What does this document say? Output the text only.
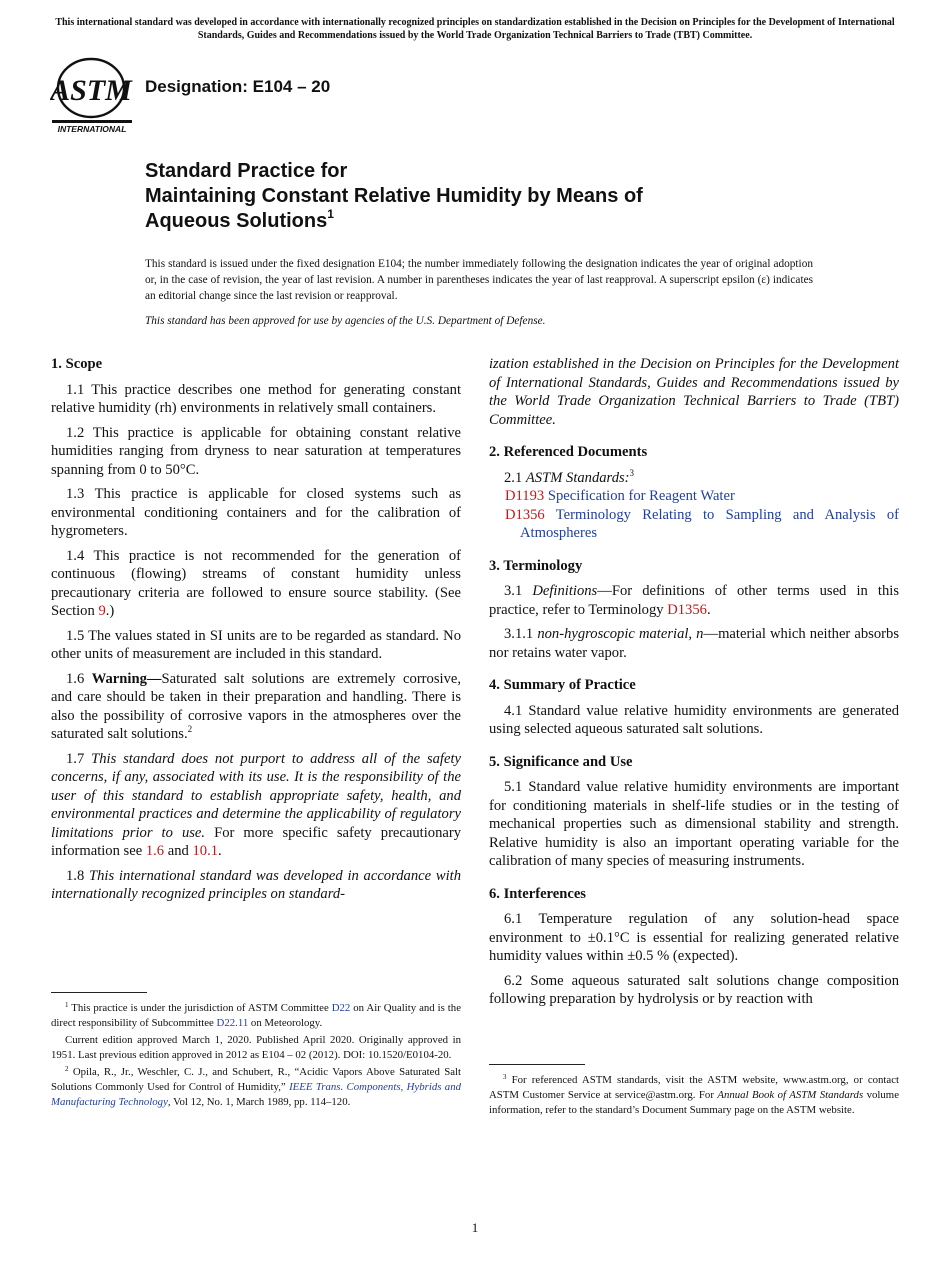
This international standard was developed in accordance with internationally recognized principles on standardization established in the Decision on Principles for the Development of International Standards, Guides and Recommendations issued by the World Trade Organization Technical Barriers to Trade (TBT) Committee.
ASTM
INTERNATIONAL
Designation: E104 – 20
Standard Practice for
Maintaining Constant Relative Humidity by Means of
Aqueous Solutions$^1$

This standard is issued under the fixed designation E104; the number immediately following the designation indicates the year of original adoption or, in the case of revision, the year of last revision. A number in parentheses indicates the year of last reapproval. A superscript epsilon (ε) indicates an editorial change since the last revision or reapproval.

This standard has been approved for use by agencies of the U.S. Department of Defense.

1. Scope

1.1 This practice describes one method for generating constant relative humidity (rh) environments in relatively small containers.

1.2 This practice is applicable for obtaining constant relative humidities ranging from dryness to near saturation at temperatures spanning from 0 to 50°C.

1.3 This practice is applicable for closed systems such as environmental conditioning containers and for the calibration of hygrometers.

1.4 This practice is not recommended for the generation of continuous (flowing) streams of constant humidity unless precautionary criteria are followed to ensure source stability. (See Section 9.)

1.5 The values stated in SI units are to be regarded as standard. No other units of measurement are included in this standard.

1.6 Warning—Saturated salt solutions are extremely corrosive, and care should be taken in their preparation and handling. There is also the possibility of corrosive vapors in the atmospheres over the saturated salt solutions.$^2$

1.7 This standard does not purport to address all of the safety concerns, if any, associated with its use. It is the responsibility of the user of this standard to establish appropriate safety, health, and environmental practices and determine the applicability of regulatory limitations prior to use. For more specific safety precautionary information see 1.6 and 10.1.

1.8 This international standard was developed in accordance with internationally recognized principles on standard-

ization established in the Decision on Principles for the Development of International Standards, Guides and Recommendations issued by the World Trade Organization Technical Barriers to Trade (TBT) Committee.

2. Referenced Documents

2.1 ASTM Standards:$^3$

D1193 Specification for Reagent Water
D1356 Terminology Relating to Sampling and Analysis of Atmospheres
3. Terminology

3.1 Definitions—For definitions of other terms used in this practice, refer to Terminology D1356.

3.1.1 non-hygroscopic material, n—material which neither absorbs nor retains water vapor.

4. Summary of Practice

4.1 Standard value relative humidity environments are generated using selected aqueous saturated salt solutions.

5. Significance and Use

5.1 Standard value relative humidity environments are important for conditioning materials in shelf-life studies or in the testing of mechanical properties such as dimensional stability and strength. Relative humidity is also an important operating variable for the calibration of many species of measuring instruments.

6. Interferences

6.1 Temperature regulation of any solution-head space environment to ±0.1°C is essential for realizing generated relative humidity values within ±0.5 % (expected).

6.2 Some aqueous saturated salt solutions change composition following preparation by hydrolysis or by reaction with

$^1$ This practice is under the jurisdiction of ASTM Committee D22 on Air Quality and is the direct responsibility of Subcommittee D22.11 on Meteorology.

Current edition approved March 1, 2020. Published April 2020. Originally approved in 1951. Last previous edition approved in 2012 as E104 – 02 (2012). DOI: 10.1520/E0104-20.

$^2$ Opila, R., Jr., Weschler, C. J., and Schubert, R., “Acidic Vapors Above Saturated Salt Solutions Commonly Used for Control of Humidity,” IEEE Trans. Components, Hybrids and Manufacturing Technology, Vol 12, No. 1, March 1989, pp. 114–120.

$^3$ For referenced ASTM standards, visit the ASTM website, www.astm.org, or contact ASTM Customer Service at service@astm.org. For Annual Book of ASTM Standards volume information, refer to the standard’s Document Summary page on the ASTM website.

1
